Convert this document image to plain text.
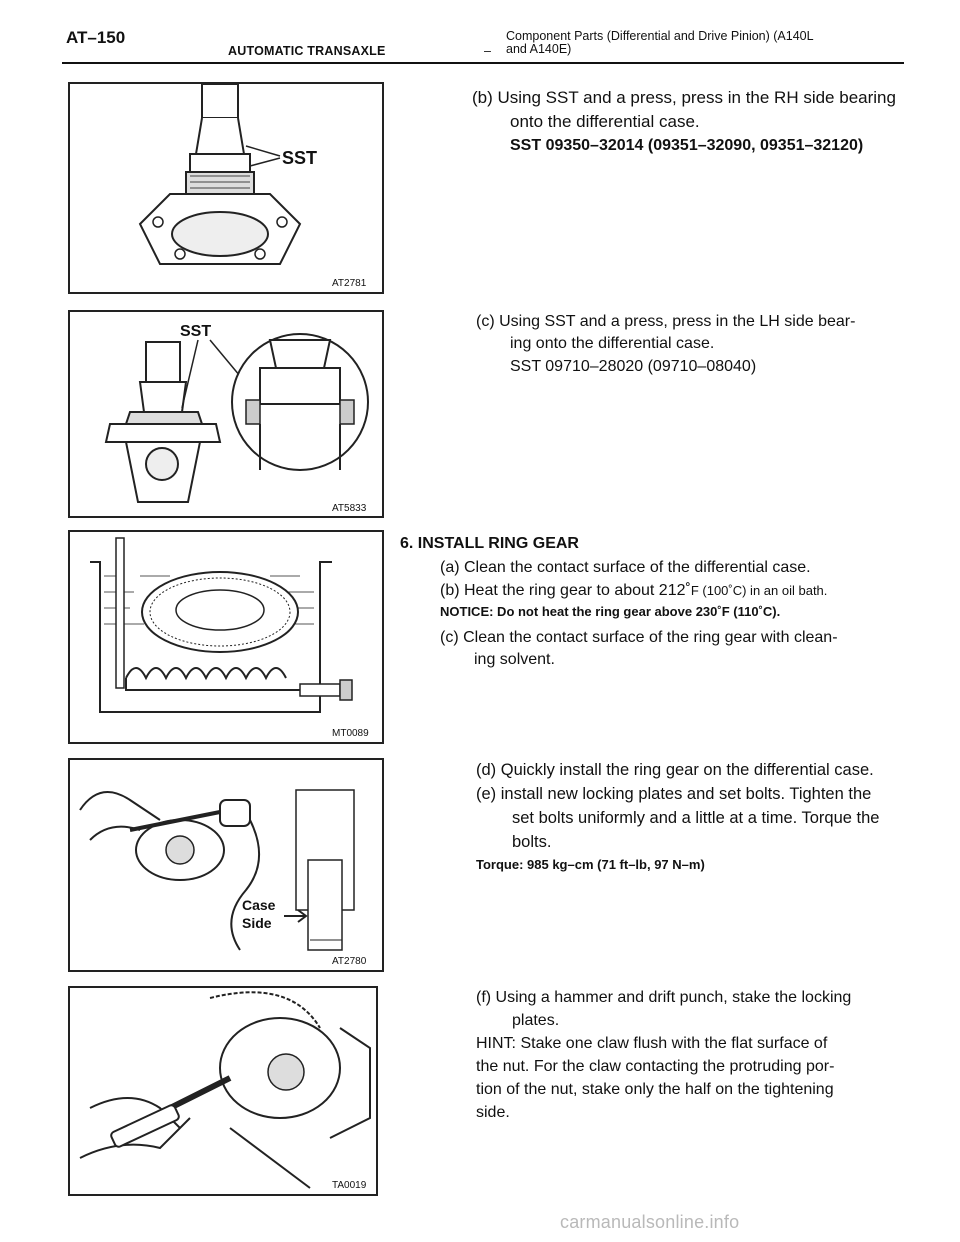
AT–150
AUTOMATIC TRANSAXLE	–
Component Parts (Differential and Drive Pinion) (A140L
and A140E)
SST
AT2781
(b) Using SST and a press, press in the RH side bearing
onto the differential case.
SST 09350–32014 (09351–32090, 09351–32120)
SST
AT5833
(c) Using SST and a press, press in the LH side bear-
ing onto the differential case.
SST 09710–28020 (09710–08040)
MT0089
6. INSTALL RING GEAR
(a) Clean the contact surface of the differential case.
(b) Heat the ring gear to about 212˚F (100˚C) in an oil bath.
NOTICE: Do not heat the ring gear above 230˚F (110˚C).
(c) Clean the contact surface of the ring gear with clean-
ing solvent.
Case
Side
AT2780
(d) Quickly install the ring gear on the differential case.
(e) install new locking plates and set bolts. Tighten the
set bolts uniformly and a little at a time. Torque the
bolts.
Torque: 985 kg–cm (71 ft–lb, 97 N–m)
TA0019
(f) Using a hammer and drift punch, stake the locking
plates.
HINT: Stake one claw flush with the flat surface of
the nut. For the claw contacting the protruding por-
tion of the nut, stake only the half on the tightening
side.
carmanualsonline.info
